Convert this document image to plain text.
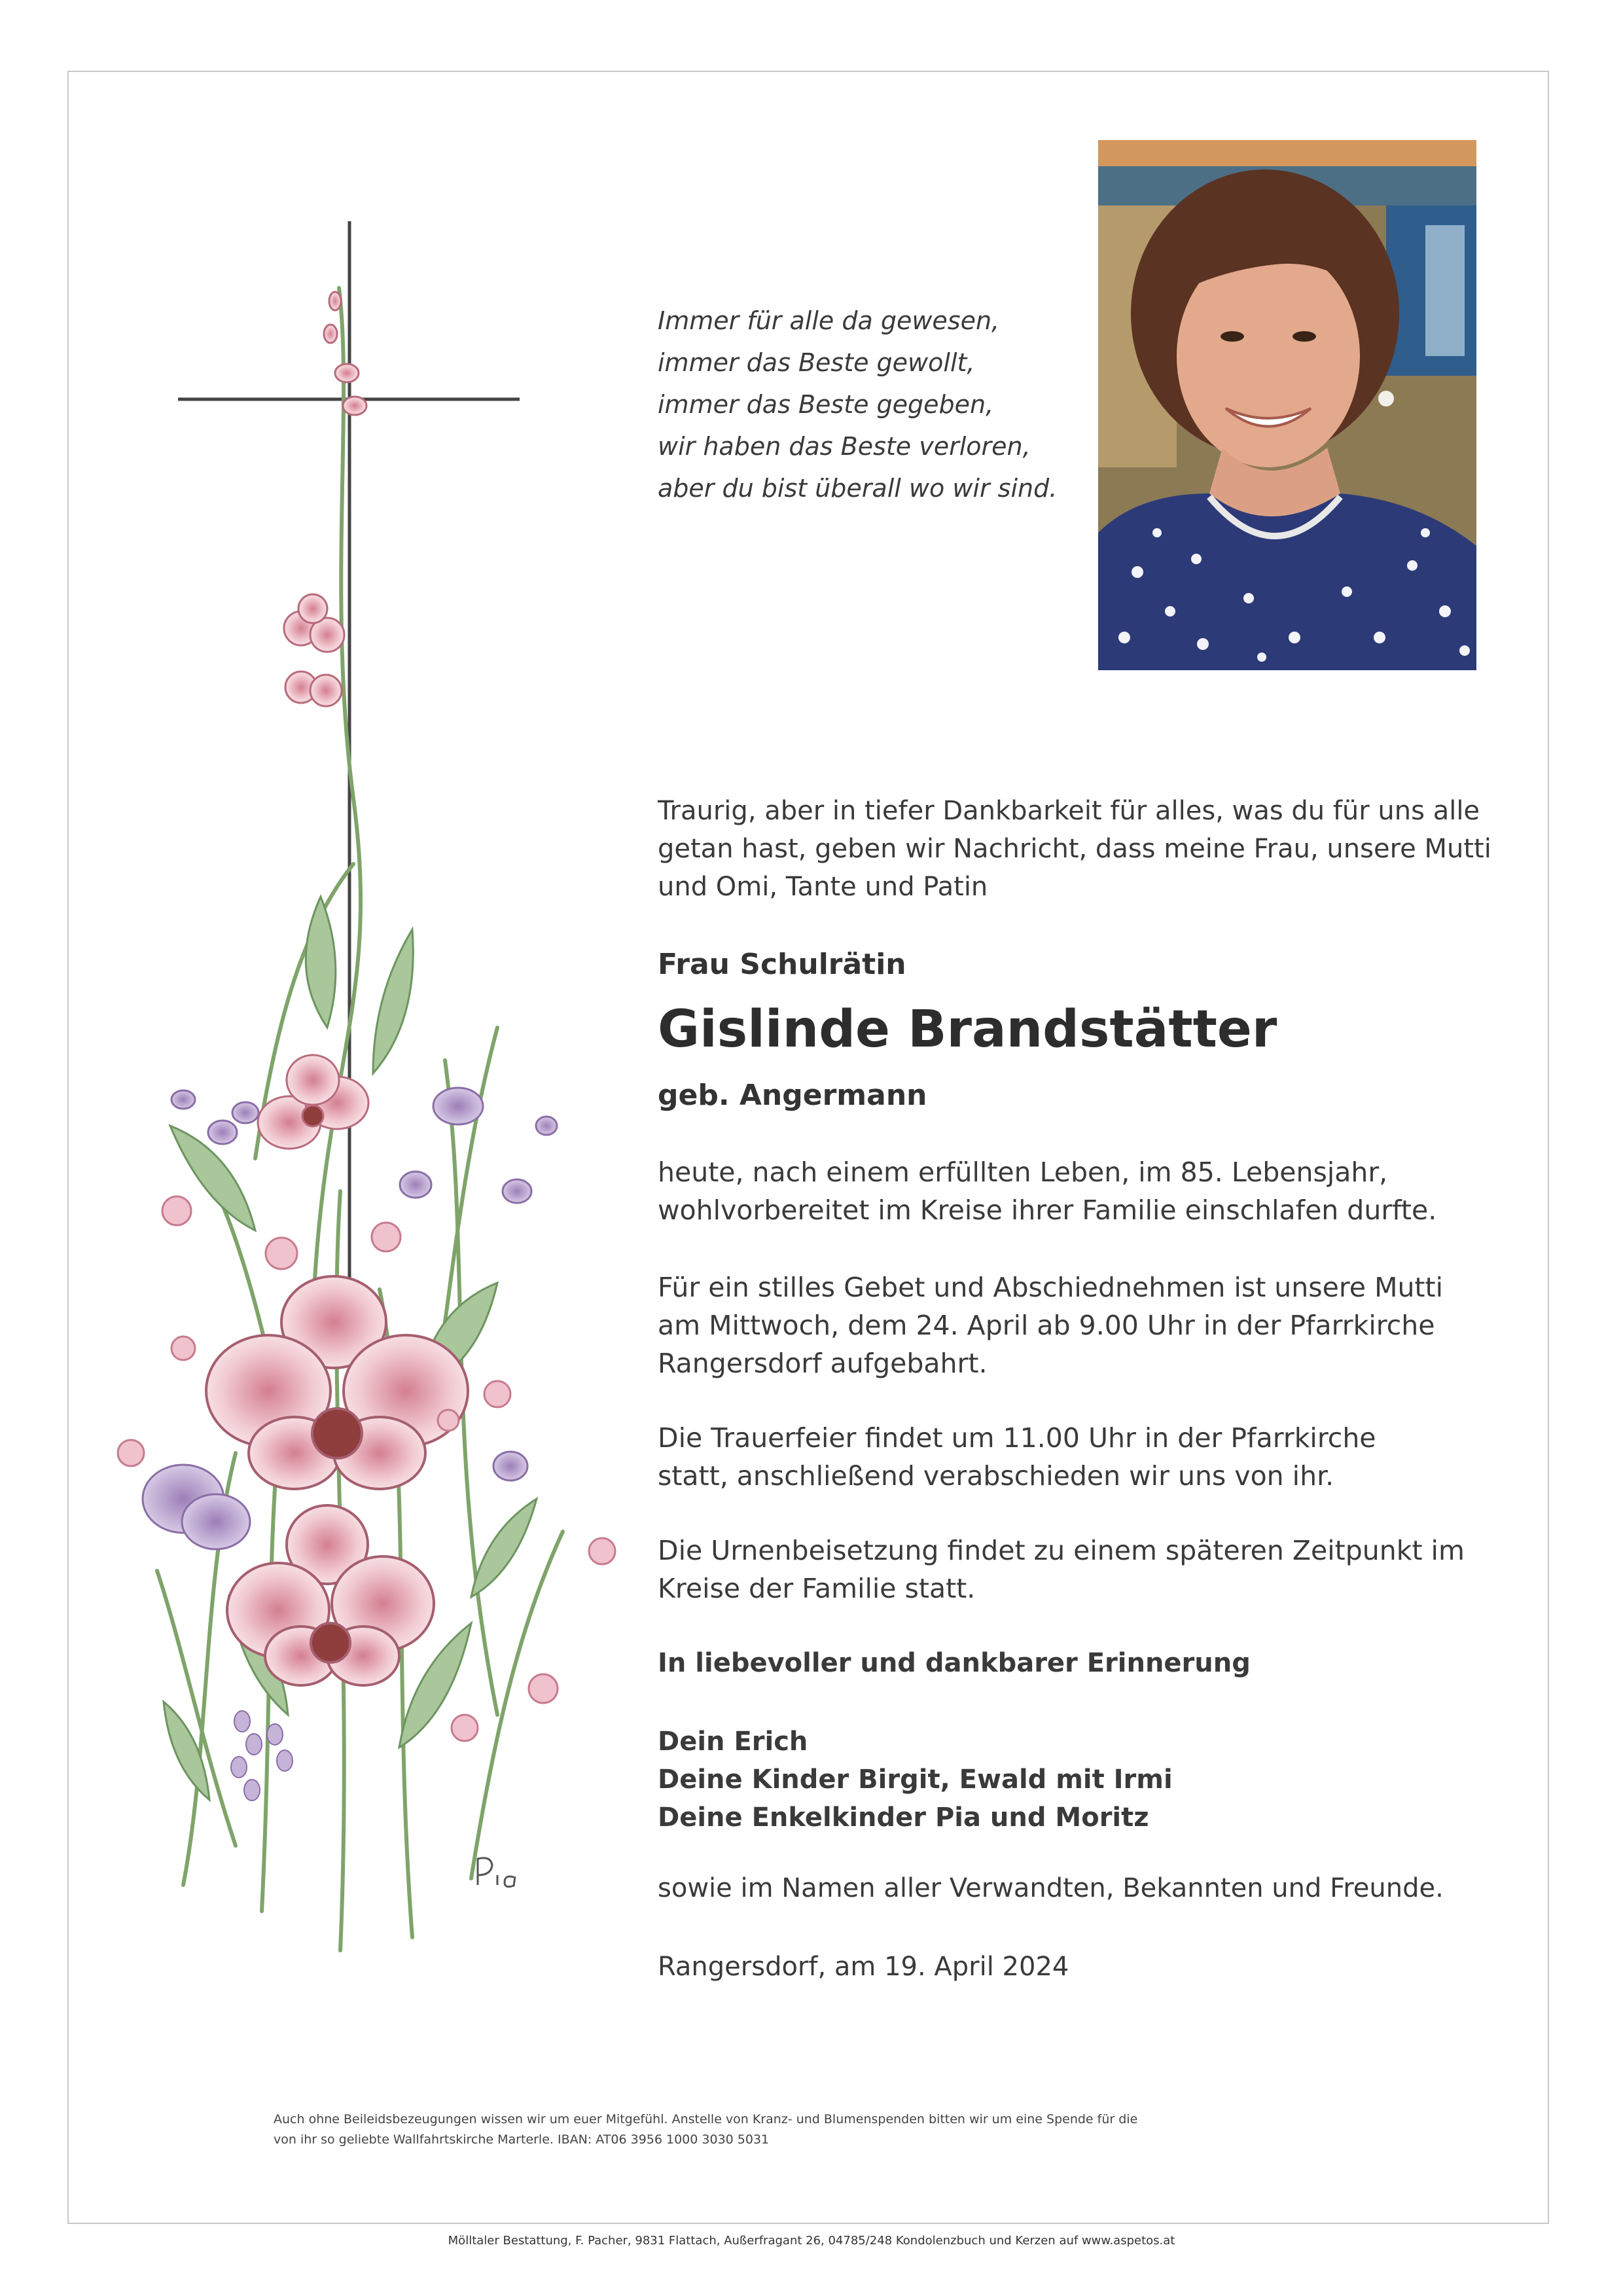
Immer für alle da gewesen,
immer das Beste gewollt,
immer das Beste gegeben,
wir haben das Beste verloren,
aber du bist überall wo wir sind.
Traurig, aber in tiefer Dankbarkeit für alles, was du für uns alle
getan hast, geben wir Nachricht, dass meine Frau, unsere Mutti
und Omi, Tante und Patin
Frau Schulrätin
Gislinde Brandstätter
geb. Angermann
heute, nach einem erfüllten Leben, im 85. Lebensjahr,
wohlvorbereitet im Kreise ihrer Familie einschlafen durfte.
Für ein stilles Gebet und Abschiednehmen ist unsere Mutti
am Mittwoch, dem 24. April ab 9.00 Uhr in der Pfarrkirche
Rangersdorf aufgebahrt.
Die Trauerfeier findet um 11.00 Uhr in der Pfarrkirche
statt, anschließend verabschieden wir uns von ihr.
Die Urnenbeisetzung findet zu einem späteren Zeitpunkt im
Kreise der Familie statt.
In liebevoller und dankbarer Erinnerung
Dein Erich
Deine Kinder Birgit, Ewald mit Irmi
Deine Enkelkinder Pia und Moritz
sowie im Namen aller Verwandten, Bekannten und Freunde.
Rangersdorf, am 19. April 2024
Auch ohne Beileidsbezeugungen wissen wir um euer Mitgefühl. Anstelle von Kranz- und Blumenspenden bitten wir um eine Spende für die
von ihr so geliebte Wallfahrtskirche Marterle. IBAN: AT06 3956 1000 3030 5031
Mölltaler Bestattung, F. Pacher, 9831 Flattach, Außerfragant 26, 04785/248 Kondolenzbuch und Kerzen auf www.aspetos.at
